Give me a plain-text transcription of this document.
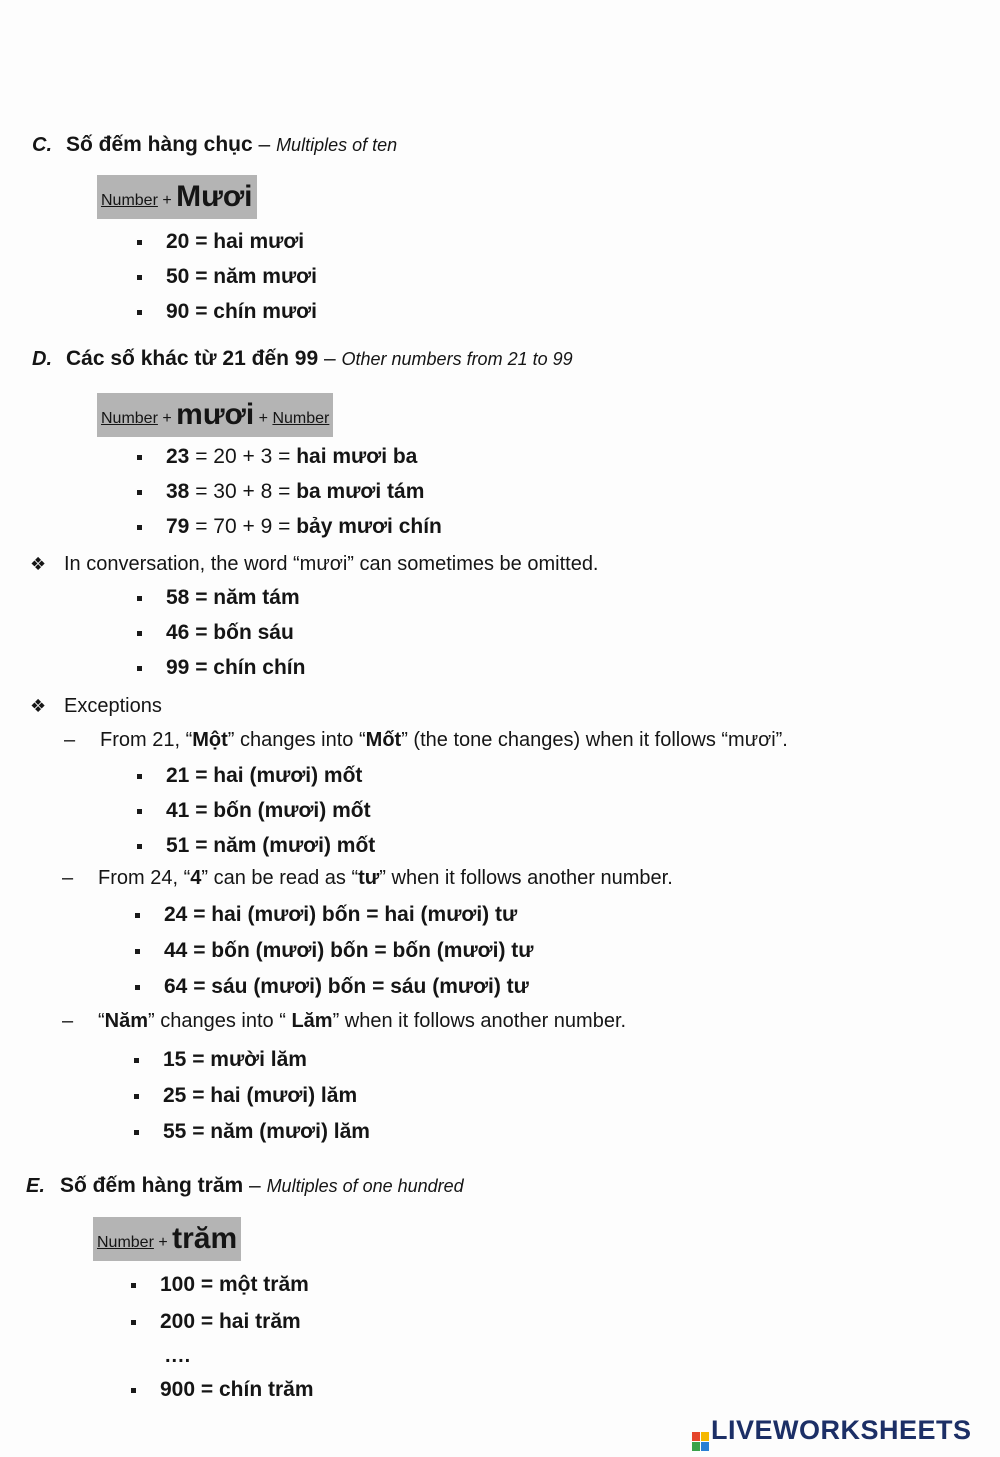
C. Số đếm hàng chục – Multiples of ten
Number + Mươi
20 = hai mươi
50 = năm mươi
90 = chín mươi
D. Các số khác từ 21 đến 99 – Other numbers from 21 to 99
Number + mươi + Number
23 = 20 + 3 = hai mươi ba
38 = 30 + 8 = ba mươi tám
79 = 70 + 9 = bảy mươi chín
❖ In conversation, the word “mươi” can sometimes be omitted.
58 = năm tám
46 = bốn sáu
99 = chín chín
❖ Exceptions
– From 21, “Một” changes into “Mốt” (the tone changes) when it follows “mươi”.
21 = hai (mươi) mốt
41 = bốn (mươi) mốt
51 = năm (mươi) mốt
– From 24, “4” can be read as “tư” when it follows another number.
24 = hai (mươi) bốn = hai (mươi) tư
44 = bốn (mươi) bốn = bốn (mươi) tư
64 = sáu (mươi) bốn = sáu (mươi) tư
– “Năm” changes into “ Lăm” when it follows another number.
15 = mười lăm
25 = hai (mươi) lăm
55 = năm (mươi) lăm
E. Số đếm hàng trăm – Multiples of one hundred
Number + trăm
100 = một trăm
200 = hai trăm
....
900 = chín trăm
LIVEWORKSHEETS
